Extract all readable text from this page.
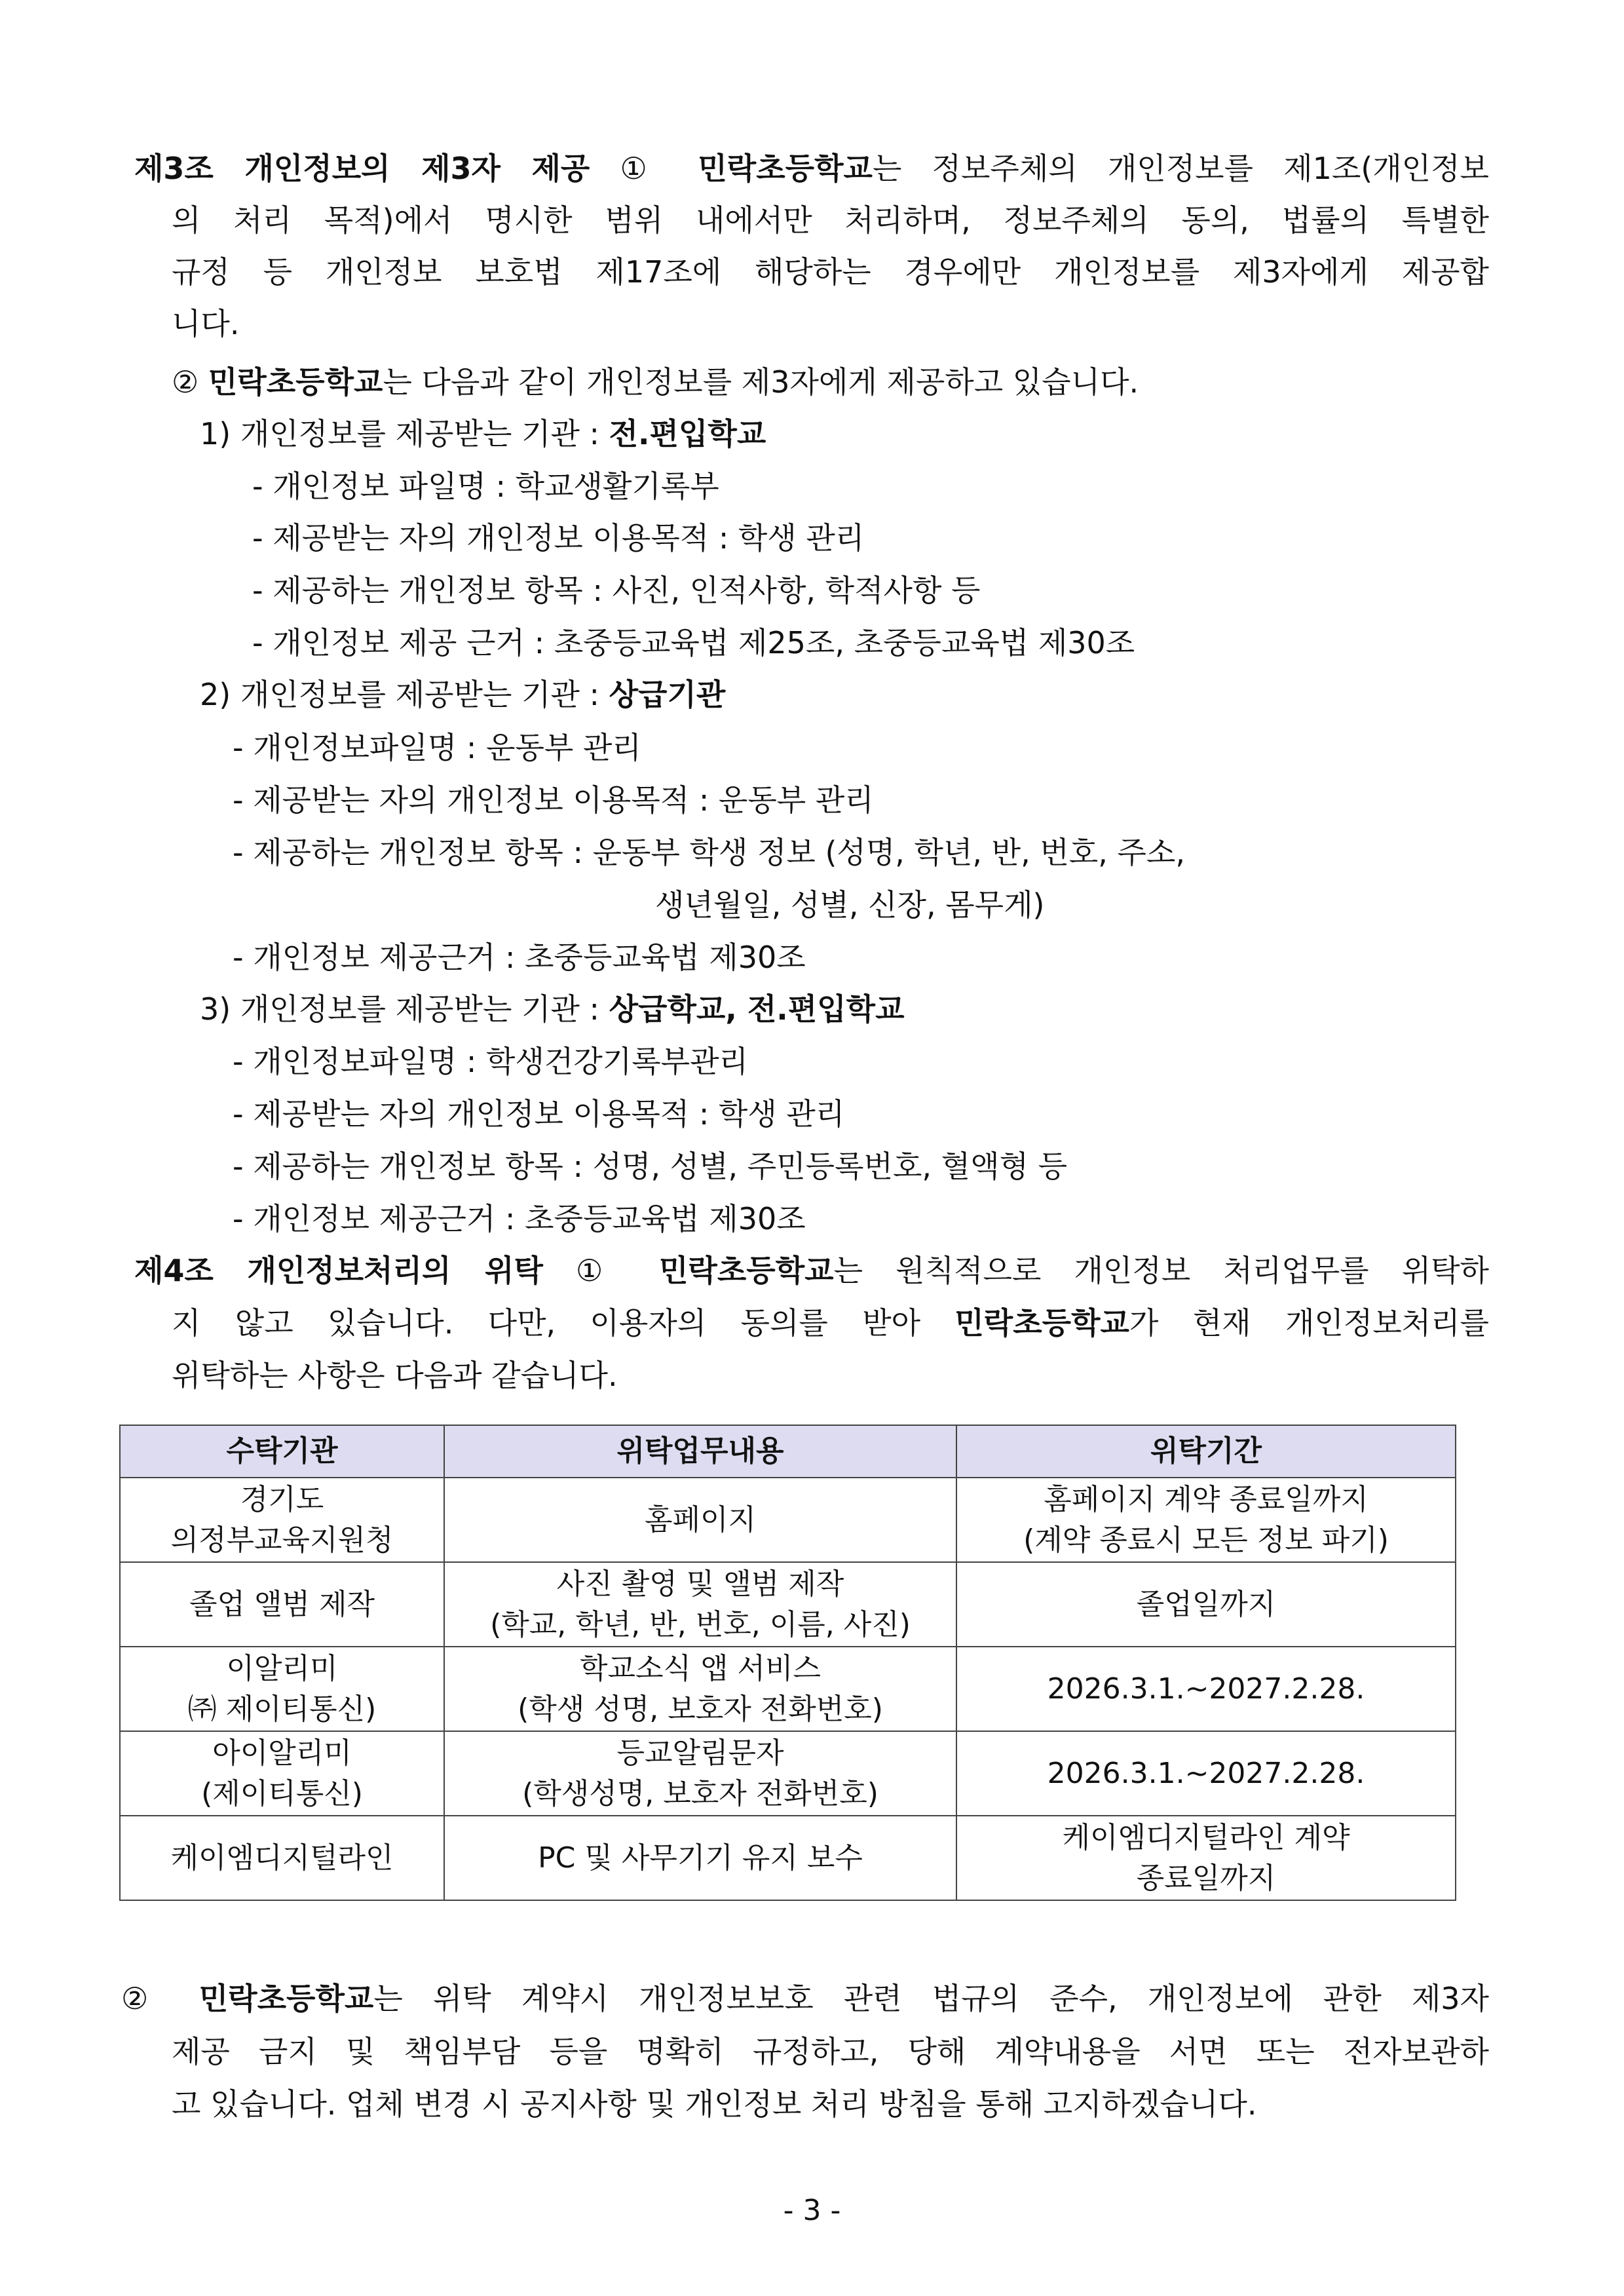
제3조 개인정보의 제3자 제공 ① 민락초등학교는 정보주체의 개인정보를 제1조(개인정보
의 처리 목적)에서 명시한 범위 내에서만 처리하며, 정보주체의 동의, 법률의 특별한
규정 등 개인정보 보호법 제17조에 해당하는 경우에만 개인정보를 제3자에게 제공합
니다.
② 민락초등학교는 다음과 같이 개인정보를 제3자에게 제공하고 있습니다.
1) 개인정보를 제공받는 기관 : 전.편입학교
- 개인정보 파일명 : 학교생활기록부
- 제공받는 자의 개인정보 이용목적 : 학생 관리
- 제공하는 개인정보 항목 : 사진, 인적사항, 학적사항 등
- 개인정보 제공 근거 : 초중등교육법 제25조, 초중등교육법 제30조
2) 개인정보를 제공받는 기관 : 상급기관
- 개인정보파일명 : 운동부 관리
- 제공받는 자의 개인정보 이용목적 : 운동부 관리
- 제공하는 개인정보 항목 : 운동부 학생 정보 (성명, 학년, 반, 번호, 주소,
생년월일, 성별, 신장, 몸무게)
- 개인정보 제공근거 : 초중등교육법 제30조
3) 개인정보를 제공받는 기관 : 상급학교, 전.편입학교
- 개인정보파일명 : 학생건강기록부관리
- 제공받는 자의 개인정보 이용목적 : 학생 관리
- 제공하는 개인정보 항목 : 성명, 성별, 주민등록번호, 혈액형 등
- 개인정보 제공근거 : 초중등교육법 제30조
제4조 개인정보처리의 위탁 ① 민락초등학교는 원칙적으로 개인정보 처리업무를 위탁하
지 않고 있습니다. 다만, 이용자의 동의를 받아 민락초등학교가 현재 개인정보처리를
위탁하는 사항은 다음과 같습니다.
수탁기관	위탁업무내용	위탁기간

경기도
의정부교육지원청	홈페이지	홈페이지 계약 종료일까지
(계약 종료시 모든 정보 파기)

졸업 앨범 제작	사진 촬영 및 앨범 제작
(학교, 학년, 반, 번호, 이름, 사진)	졸업일까지

이알리미
㈜ 제이티통신)	학교소식 앱 서비스
(학생 성명, 보호자 전화번호)	2026.3.1.~2027.2.28.

아이알리미
(제이티통신)	등교알림문자
(학생성명, 보호자 전화번호)	2026.3.1.~2027.2.28.

케이엠디지털라인	PC 및 사무기기 유지 보수	케이엠디지털라인 계약
종료일까지
② 민락초등학교는 위탁 계약시 개인정보보호 관련 법규의 준수, 개인정보에 관한 제3자
제공 금지 및 책임부담 등을 명확히 규정하고, 당해 계약내용을 서면 또는 전자보관하
고 있습니다. 업체 변경 시 공지사항 및 개인정보 처리 방침을 통해 고지하겠습니다.
- 3 -
